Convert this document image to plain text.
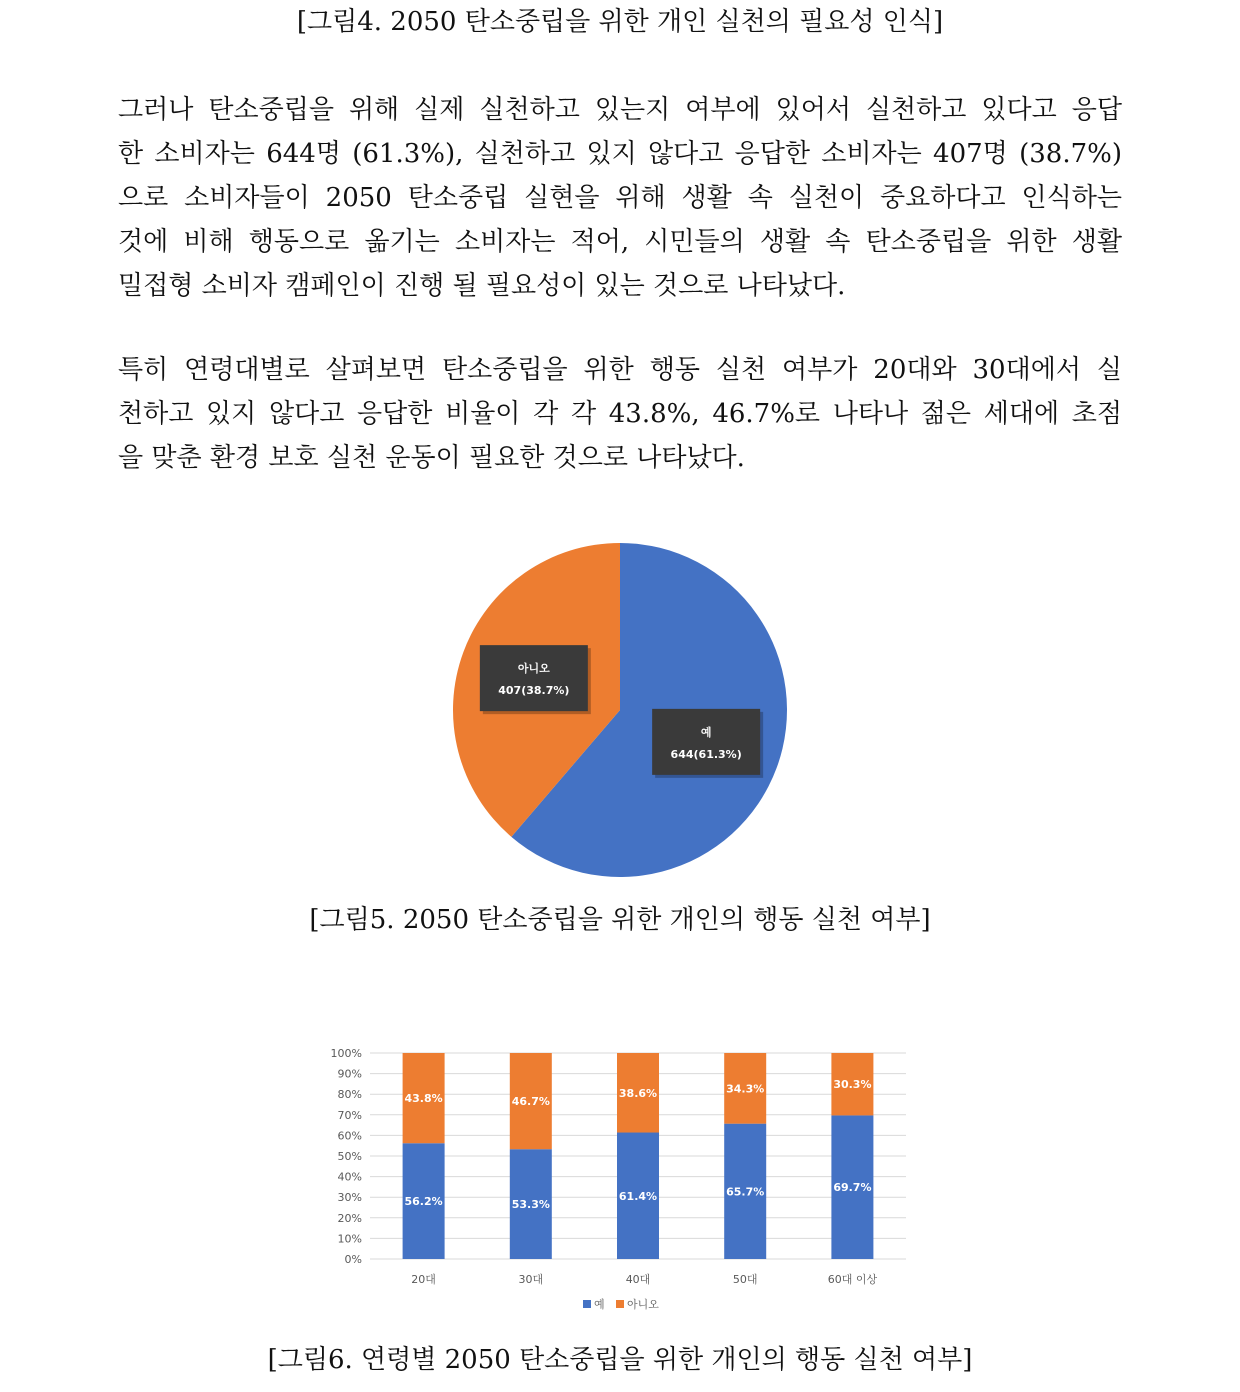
[그림4. 2050 탄소중립을 위한 개인 실천의 필요성 인식]
그러나 탄소중립을 위해 실제 실천하고 있는지 여부에 있어서 실천하고 있다고 응답
한 소비자는 644명 (61.3%), 실천하고 있지 않다고 응답한 소비자는 407명 (38.7%)
으로 소비자들이 2050 탄소중립 실현을 위해 생활 속 실천이 중요하다고 인식하는
것에 비해 행동으로 옮기는 소비자는 적어, 시민들의 생활 속 탄소중립을 위한 생활
밀접형 소비자 캠페인이 진행 될 필요성이 있는 것으로 나타났다.
특히 연령대별로 살펴보면 탄소중립을 위한 행동 실천 여부가 20대와 30대에서 실
천하고 있지 않다고 응답한 비율이 각 각 43.8%, 46.7%로 나타나 젊은 세대에 초점
을 맞춘 환경 보호 실천 운동이 필요한 것으로 나타났다.
예
644(61.3%)
아니오
407(38.7%)
[그림5. 2050 탄소중립을 위한 개인의 행동 실천 여부]
0%
10%
20%
30%
40%
50%
60%
70%
80%
90%
100%
56.2%
43.8%
20대
53.3%
46.7%
30대
61.4%
38.6%
40대
65.7%
34.3%
50대
69.7%
30.3%
60대 이상
예 아니오
[그림6. 연령별 2050 탄소중립을 위한 개인의 행동 실천 여부]
